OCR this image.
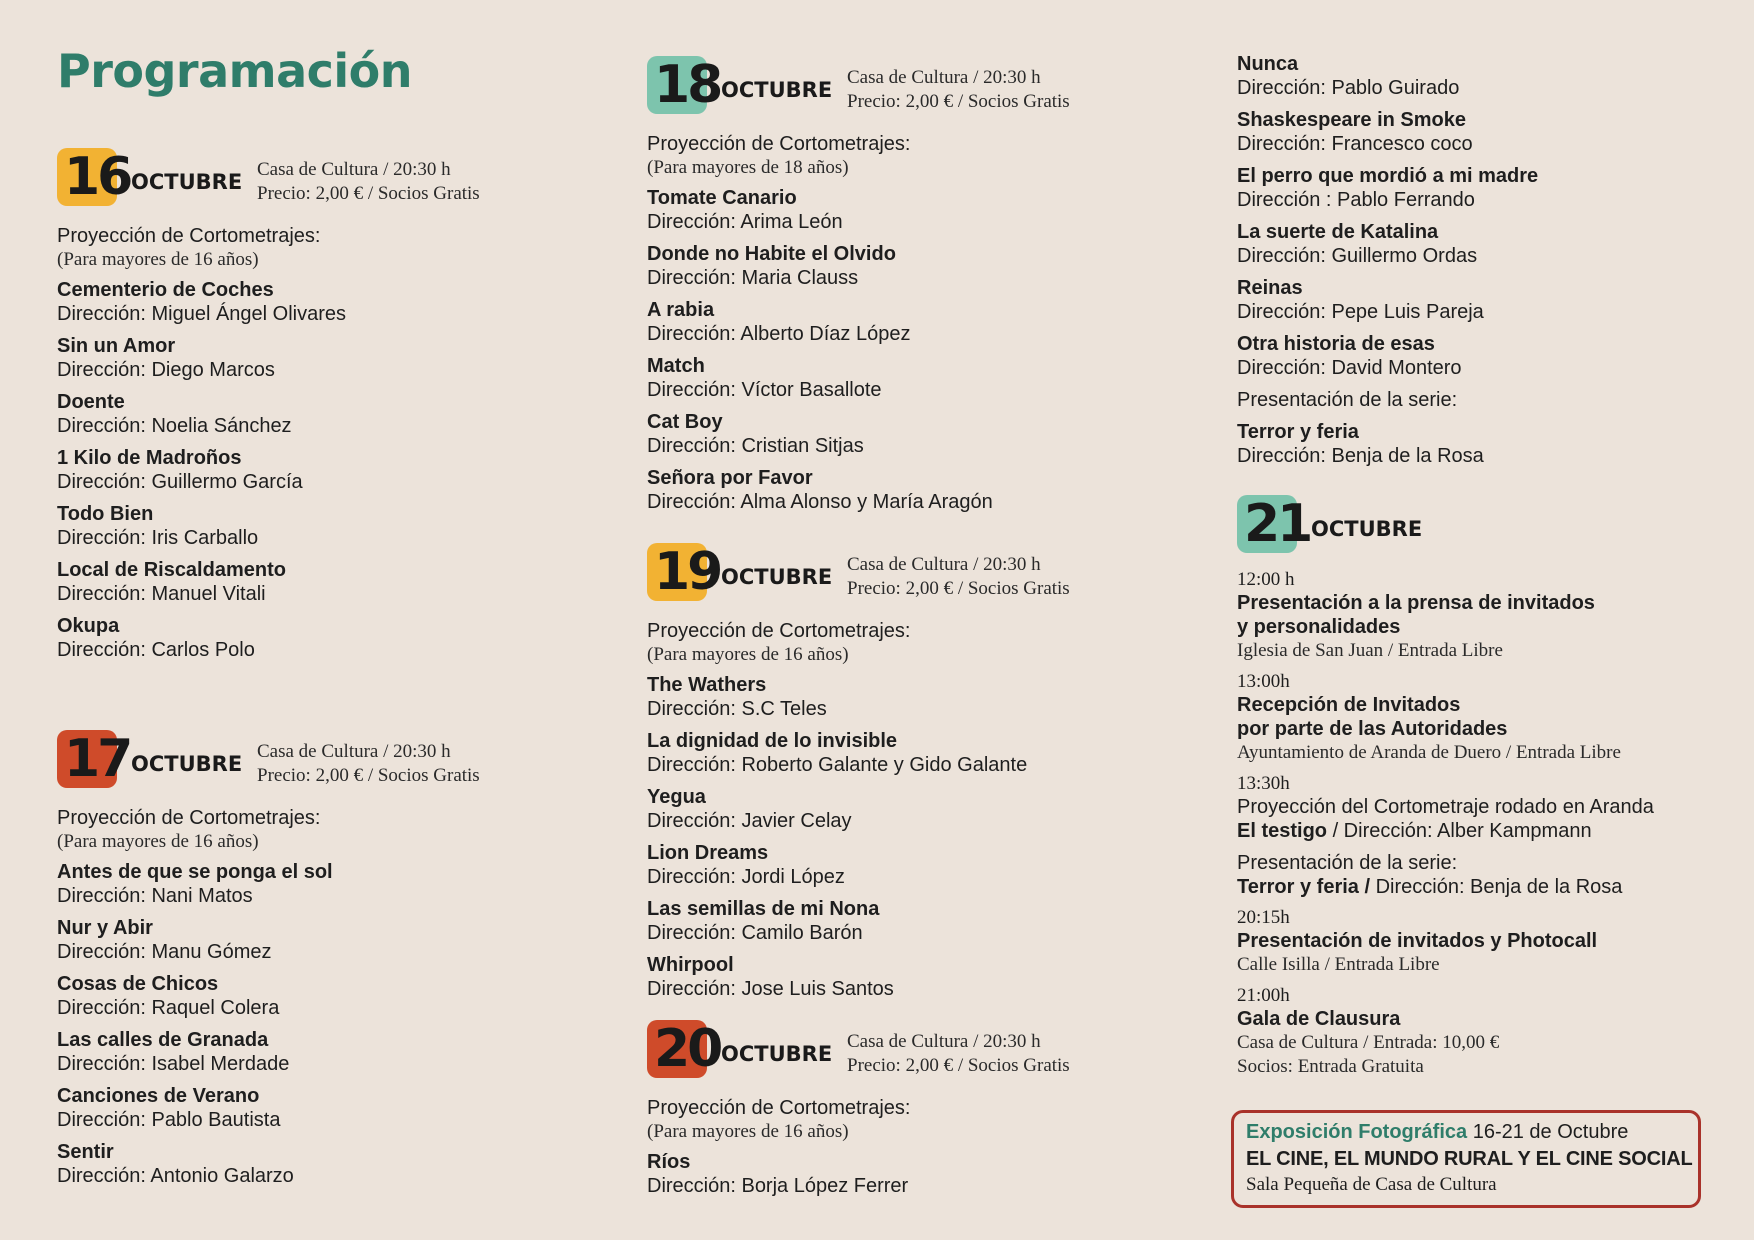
Programación
16 OCTUBRE
Casa de Cultura / 20:30 h
Precio: 2,00 € / Socios Gratis
Proyección de Cortometrajes:
(Para mayores de 16 años)
Cementerio de Coches
Dirección: Miguel Ángel Olivares
Sin un Amor
Dirección: Diego Marcos
Doente
Dirección: Noelia Sánchez
1 Kilo de Madroños
Dirección: Guillermo García
Todo Bien
Dirección: Iris Carballo
Local de Riscaldamento
Dirección: Manuel Vitali
Okupa
Dirección: Carlos Polo
17 OCTUBRE
Casa de Cultura / 20:30 h
Precio: 2,00 € / Socios Gratis
Proyección de Cortometrajes:
(Para mayores de 16 años)
Antes de que se ponga el sol
Dirección: Nani Matos
Nur y Abir
Dirección: Manu Gómez
Cosas de Chicos
Dirección: Raquel Colera
Las calles de Granada
Dirección: Isabel Merdade
Canciones de Verano
Dirección: Pablo Bautista
Sentir
Dirección: Antonio Galarzo
18 OCTUBRE
Casa de Cultura / 20:30 h
Precio: 2,00 € / Socios Gratis
Proyección de Cortometrajes:
(Para mayores de 18 años)
Tomate Canario
Dirección: Arima León
Donde no Habite el Olvido
Dirección: Maria Clauss
A rabia
Dirección: Alberto Díaz López
Match
Dirección: Víctor Basallote
Cat Boy
Dirección: Cristian Sitjas
Señora por Favor
Dirección: Alma Alonso y María Aragón
19 OCTUBRE
Casa de Cultura / 20:30 h
Precio: 2,00 € / Socios Gratis
Proyección de Cortometrajes:
(Para mayores de 16 años)
The Wathers
Dirección: S.C Teles
La dignidad de lo invisible
Dirección: Roberto Galante y Gido Galante
Yegua
Dirección: Javier Celay
Lion Dreams
Dirección: Jordi López
Las semillas de mi Nona
Dirección: Camilo Barón
Whirpool
Dirección: Jose Luis Santos
20 OCTUBRE
Casa de Cultura / 20:30 h
Precio: 2,00 € / Socios Gratis
Proyección de Cortometrajes:
(Para mayores de 16 años)
Ríos
Dirección: Borja López Ferrer
Nunca
Dirección: Pablo Guirado
Shaskespeare in Smoke
Dirección: Francesco coco
El perro que mordió a mi madre
Dirección : Pablo Ferrando
La suerte de Katalina
Dirección: Guillermo Ordas
Reinas
Dirección: Pepe Luis Pareja
Otra historia de esas
Dirección: David Montero
Presentación de la serie:
Terror y feria
Dirección: Benja de la Rosa
21 OCTUBRE
12:00 h
Presentación a la prensa de invitados
y personalidades
Iglesia de San Juan / Entrada Libre
13:00h
Recepción de Invitados
por parte de las Autoridades
Ayuntamiento de Aranda de Duero / Entrada Libre
13:30h
Proyección del Cortometraje rodado en Aranda
El testigo / Dirección: Alber Kampmann
Presentación de la serie:
Terror y feria / Dirección: Benja de la Rosa
20:15h
Presentación de invitados y Photocall
Calle Isilla / Entrada Libre
21:00h
Gala de Clausura
Casa de Cultura / Entrada: 10,00 €
Socios: Entrada Gratuita
Exposición Fotográfica 16-21 de Octubre
EL CINE, EL MUNDO RURAL Y EL CINE SOCIAL
Sala Pequeña de Casa de Cultura
